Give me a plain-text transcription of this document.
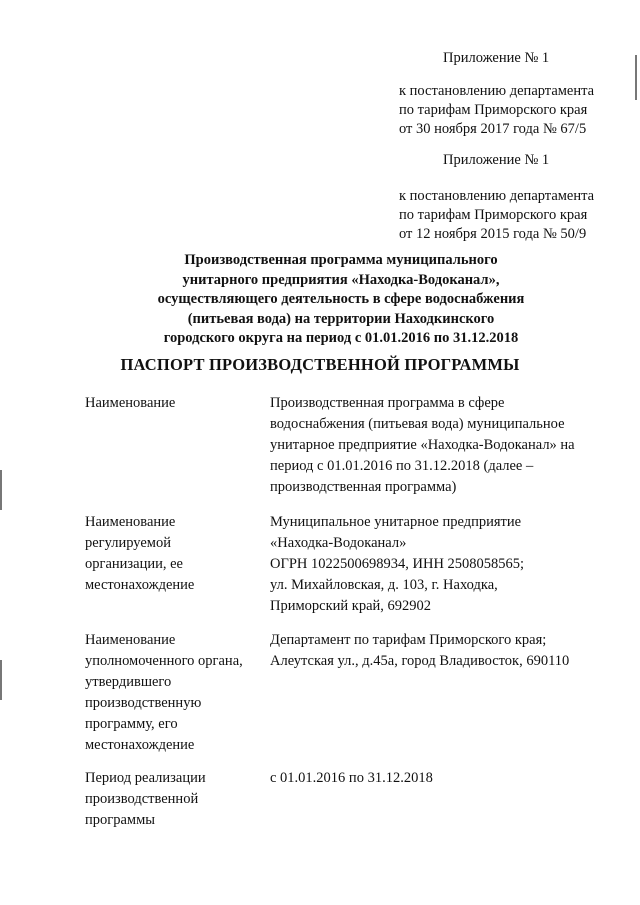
Приложение № 1
к постановлению департамента
по тарифам Приморского края
от 30 ноября 2017 года № 67/5
Приложение № 1
к постановлению департамента
по тарифам Приморского края
от 12 ноября 2015 года № 50/9
Производственная программа муниципального
унитарного предприятия «Находка-Водоканал»,
осуществляющего деятельность в сфере водоснабжения
(питьевая вода) на территории Находкинского
городского округа на период с 01.01.2016 по 31.12.2018
ПАСПОРТ ПРОИЗВОДСТВЕННОЙ ПРОГРАММЫ
Наименование	Производственная программа в сфере
водоснабжения (питьевая вода) муниципальное
унитарное предприятие «Находка-Водоканал» на
период с 01.01.2016 по 31.12.2018 (далее –
производственная программа)
Наименование
регулируемой
организации, ее
местонахождение
Муниципальное унитарное предприятие
«Находка-Водоканал»
ОГРН 1022500698934, ИНН 2508058565;
ул. Михайловская, д. 103, г. Находка,
Приморский край, 692902
Наименование
уполномоченного органа,
утвердившего
производственную
программу, его
местонахождение
Департамент по тарифам Приморского края;
Алеутская ул., д.45а, город Владивосток, 690110
Период реализации
производственной
программы
с 01.01.2016 по 31.12.2018
